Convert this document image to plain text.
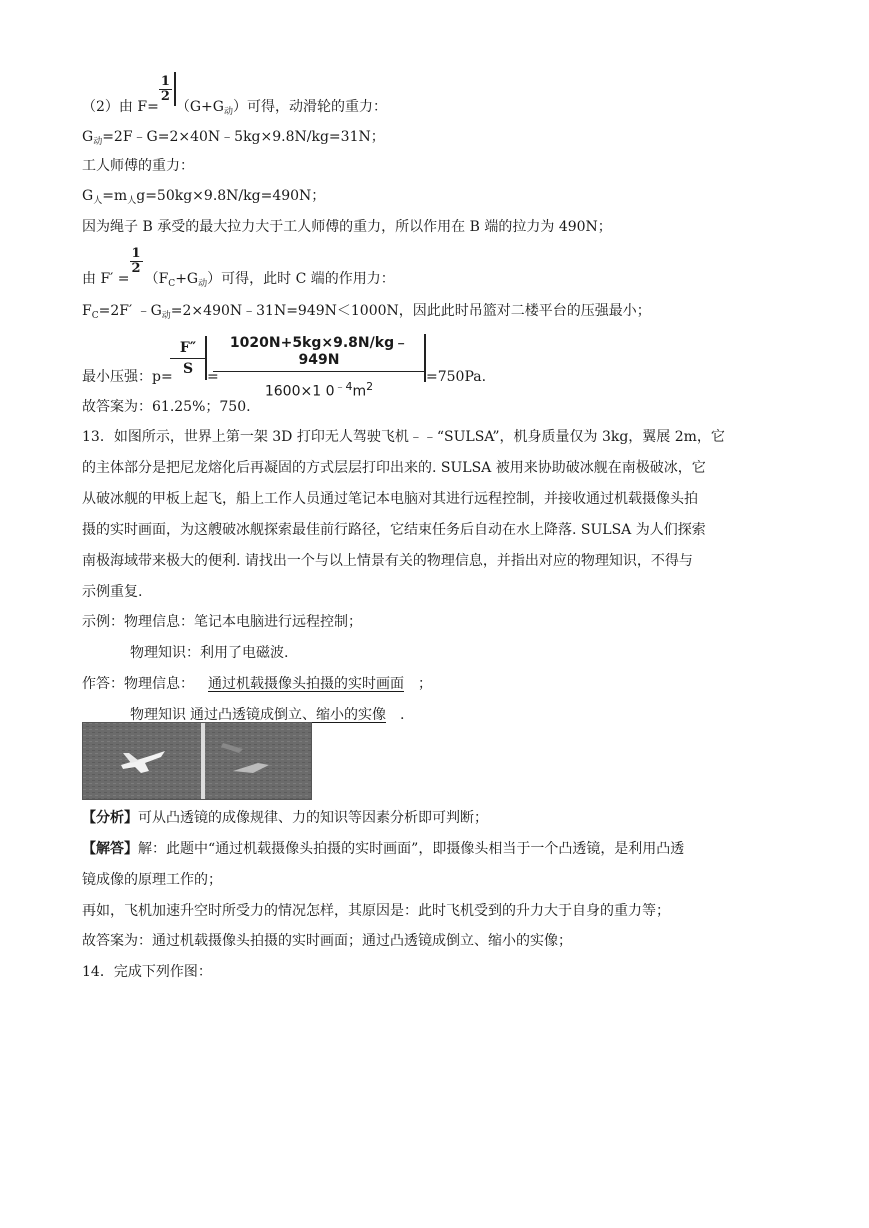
（2）由 F=
$\frac{1}{2}$
$(G+G_动)$可得，动滑轮的重力：
$G_动=2F﹣G=2\times 40N﹣5kg\times 9.8N/kg=31N$；
工人师傅的重力：
$G_人=m_人g=50kg\times 9.8N/kg=490N$；
因为绳子 B 承受的最大拉力大于工人师傅的重力，所以作用在 B 端的拉力为 490N；
由 F′ =
$\frac{1}{2}$
$(F_C+G_动)$可得，此时 C 端的作用力：
$F_C=2F'$ $﹣G_动=2\times 490N﹣31N=949N<1000N$，因此此时吊篮对二楼平台的压强最小；
最小压强：p=
$\frac{F''}{S}$ =
$\frac{1020N+5kg\times 9.8N/kg﹣949N}{1600\times 1 0^{﹣4}m^2} =750Pa$.
故答案为：61.25%；750.
13．如图所示，世界上第一架 3D 打印无人驾驶飞机﹣﹣“SULSA”，机身质量仅为 3kg，翼展 2m，它
的主体部分是把尼龙熔化后再凝固的方式层层打印出来的. SULSA 被用来协助破冰舰在南极破冰，它
从破冰舰的甲板上起飞，船上工作人员通过笔记本电脑对其进行远程控制，并接收通过机载摄像头拍
摄的实时画面，为这艘破冰舰探索最佳前行路径，它结束任务后自动在水上降落. SULSA 为人们探索
南极海域带来极大的便利. 请找出一个与以上情景有关的物理信息，并指出对应的物理知识，不得与
示例重复.
示例：物理信息：笔记本电脑进行远程控制；
物理知识：利用了电磁波.
作答：物理信息： 通过机载摄像头拍摄的实时画面 ；
物理知识 通过凸透镜成倒立、缩小的实像 .
【分析】可从凸透镜的成像规律、力的知识等因素分析即可判断；
【解答】解：此题中“通过机载摄像头拍摄的实时画面”，即摄像头相当于一个凸透镜，是利用凸透
镜成像的原理工作的；
再如，飞机加速升空时所受力的情况怎样，其原因是：此时飞机受到的升力大于自身的重力等；
故答案为：通过机载摄像头拍摄的实时画面；通过凸透镜成倒立、缩小的实像；
14．完成下列作图：
